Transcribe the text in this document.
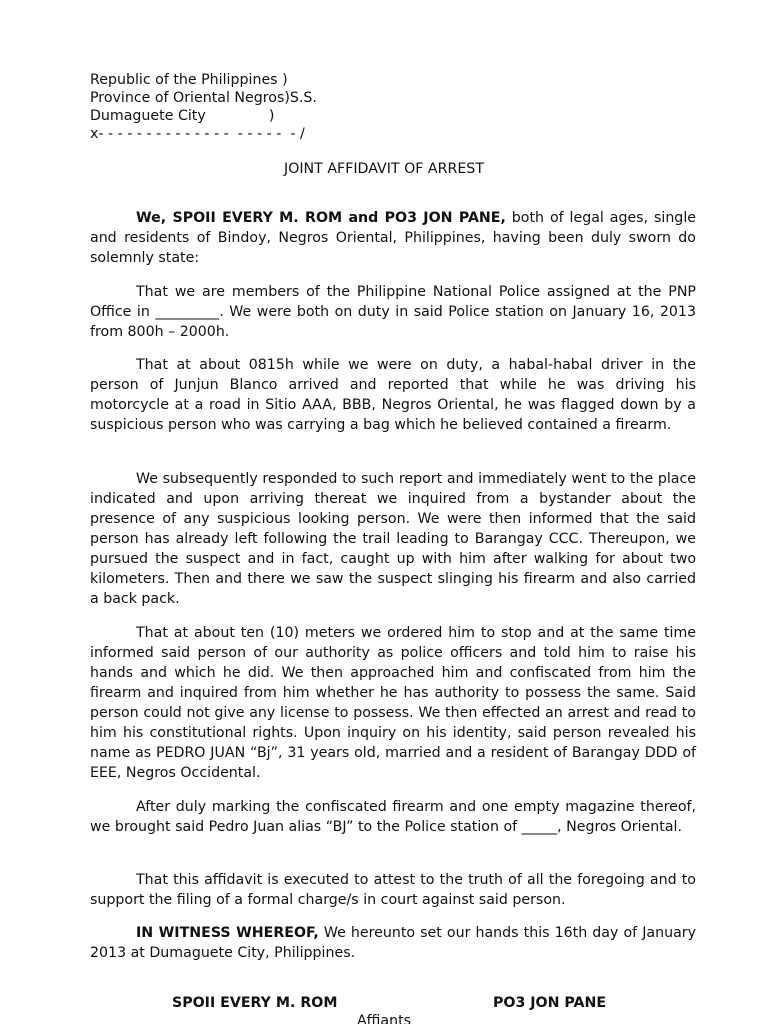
Republic of the Philippines )
Province of Oriental Negros)S.S.
Dumaguete City              )
x- - - - - - - - - - - - - -  - - - - -  - /
JOINT AFFIDAVIT OF ARREST

We, SPOII EVERY M. ROM and PO3 JON PANE, both of legal ages, single and residents of Bindoy, Negros Oriental, Philippines, having been duly sworn do solemnly state:

That we are members of the Philippine National Police assigned at the PNP Office in _________. We were both on duty in said Police station on January 16, 2013 from 800h – 2000h.

That at about 0815h while we were on duty, a habal-habal driver in the person of Junjun Blanco arrived and reported that while he was driving his motorcycle at a road in Sitio AAA, BBB, Negros Oriental, he was flagged down by a suspicious person who was carrying a bag which he believed contained a firearm.

We subsequently responded to such report and immediately went to the place indicated and upon arriving thereat we inquired from a bystander about the presence of any suspicious looking person. We were then informed that the said person has already left following the trail leading to Barangay CCC. Thereupon, we pursued the suspect and in fact, caught up with him after walking for about two kilometers. Then and there we saw the suspect slinging his firearm and also carried a back pack.

That at about ten (10) meters we ordered him to stop and at the same time informed said person of our authority as police officers and told him to raise his hands and which he did. We then approached him and confiscated from him the firearm and inquired from him whether he has authority to possess the same. Said person could not give any license to possess. We then effected an arrest and read to him his constitutional rights. Upon inquiry on his identity, said person revealed his name as PEDRO JUAN “Bj”, 31 years old, married and a resident of Barangay DDD of EEE, Negros Occidental.

After duly marking the confiscated firearm and one empty magazine thereof, we brought said Pedro Juan alias “BJ” to the Police station of _____, Negros Oriental.

That this affidavit is executed to attest to the truth of all the foregoing and to support the filing of a formal charge/s in court against said person.

IN WITNESS WHEREOF, We hereunto set our hands this 16th day of January 2013 at Dumaguete City, Philippines.

SPOII EVERY M. ROM	PO3 JON PANE
Affiants
